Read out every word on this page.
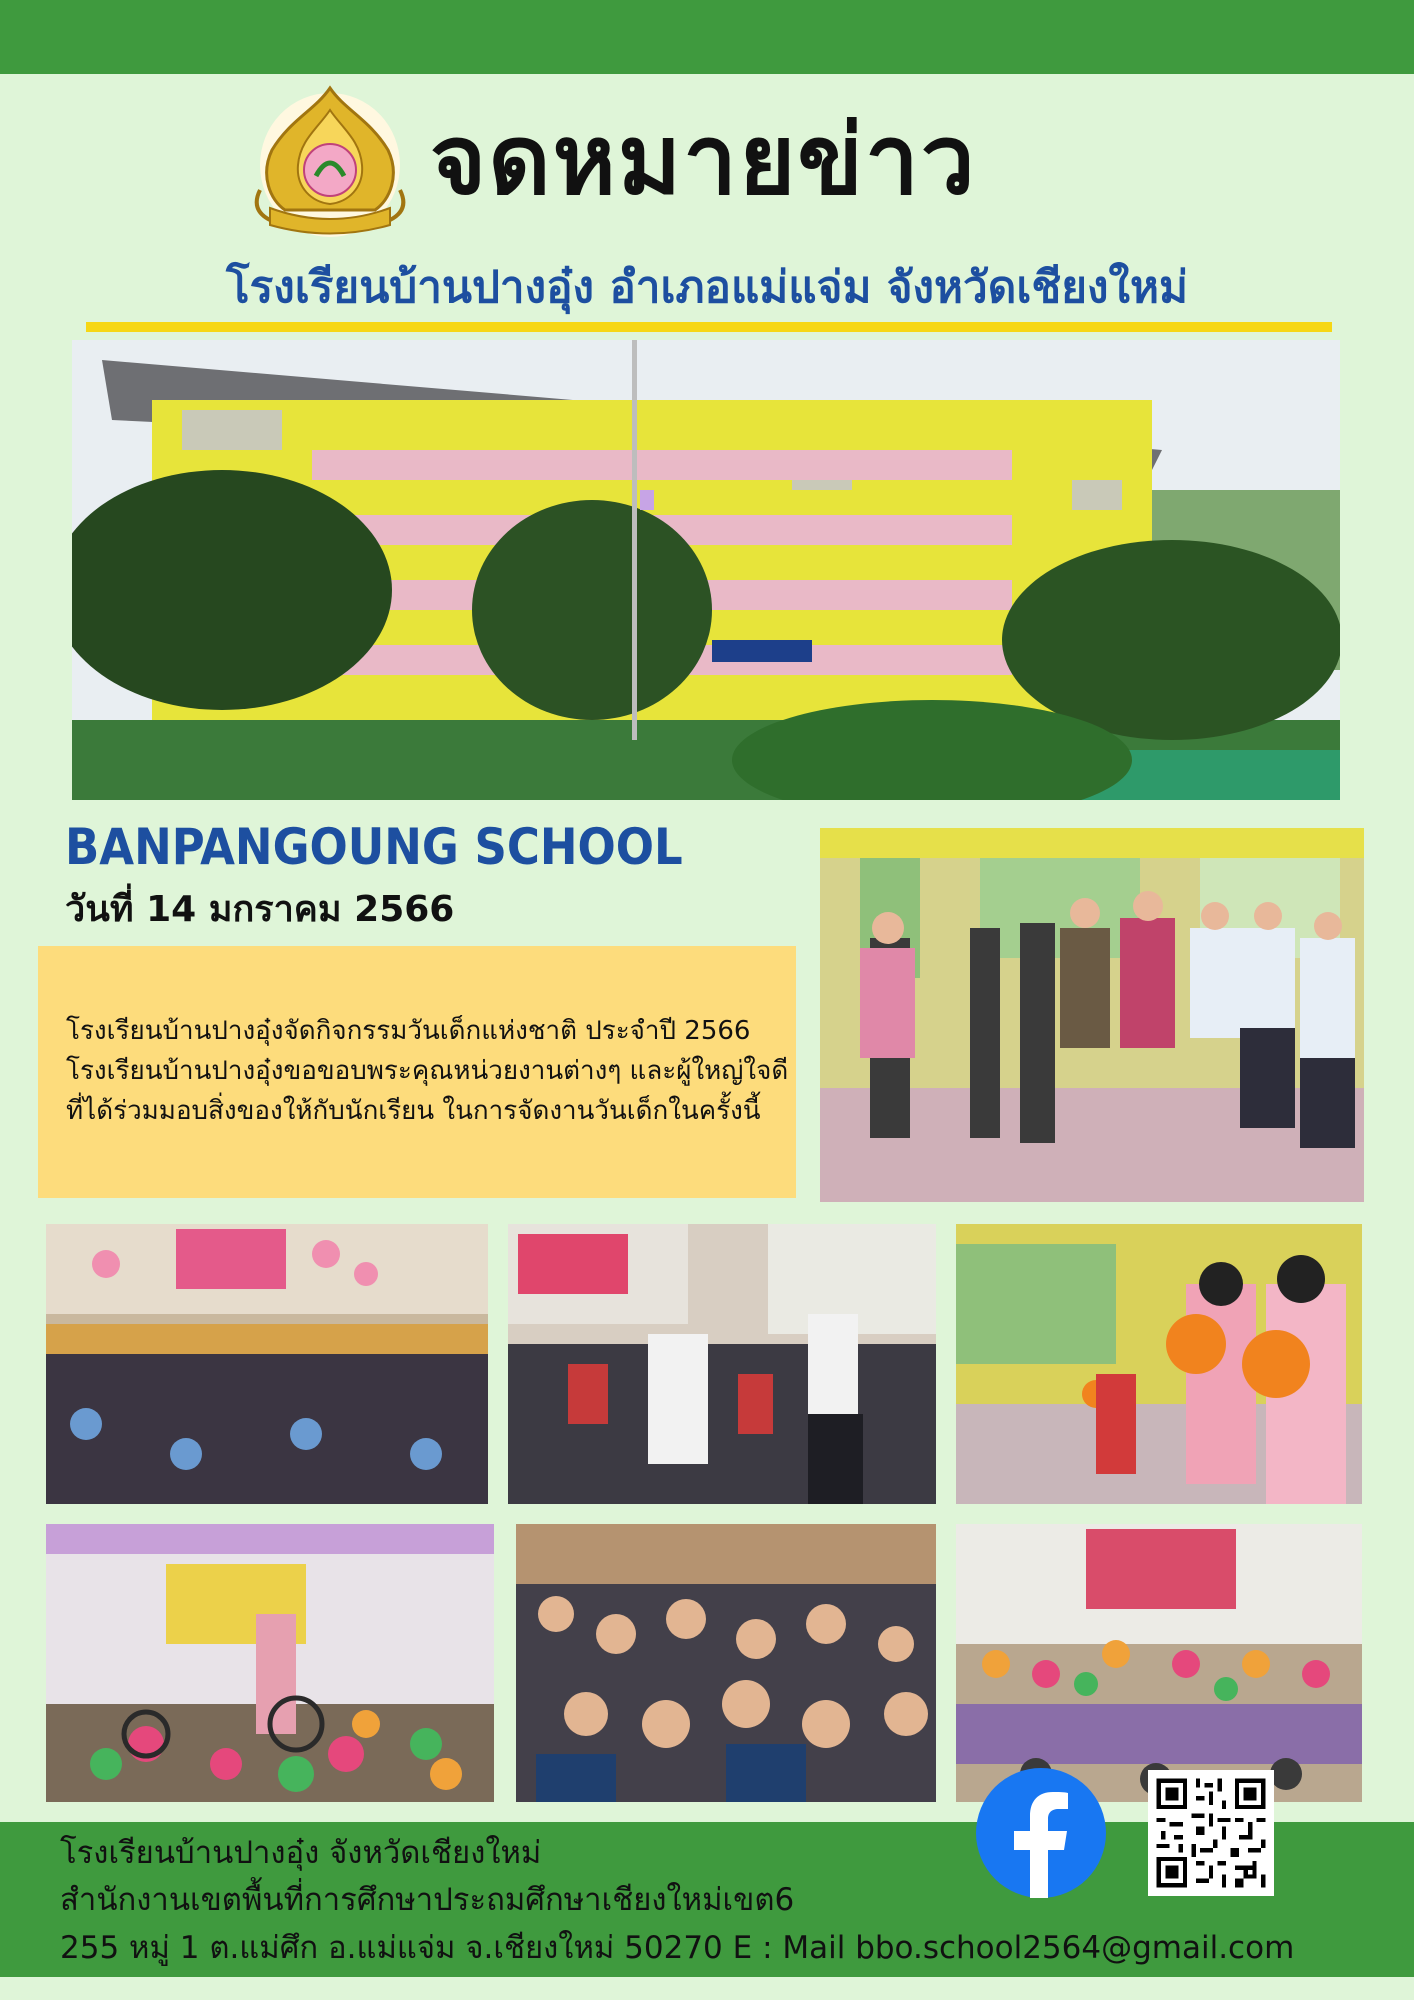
จดหมายข่าว
โรงเรียนบ้านปางอุ๋ง อำเภอแม่แจ่ม จังหวัดเชียงใหม่
BANPANGOUNG SCHOOL
วันที่ 14 มกราคม 2566

โรงเรียนบ้านปางอุ๋งจัดกิจกรรมวันเด็กแห่งชาติ ประจำปี 2566

โรงเรียนบ้านปางอุ๋งขอขอบพระคุณหน่วยงานต่างๆ และผู้ใหญ่ใจดี

ที่ได้ร่วมมอบสิ่งของให้กับนักเรียน ในการจัดงานวันเด็กในครั้งนี้

โรงเรียนบ้านปางอุ๋ง จังหวัดเชียงใหม่
สำนักงานเขตพื้นที่การศึกษาประถมศึกษาเชียงใหม่เขต6
255 หมู่ 1 ต.แม่ศึก อ.แม่แจ่ม จ.เชียงใหม่ 50270 E : Mail bbo.school2564@gmail.com
